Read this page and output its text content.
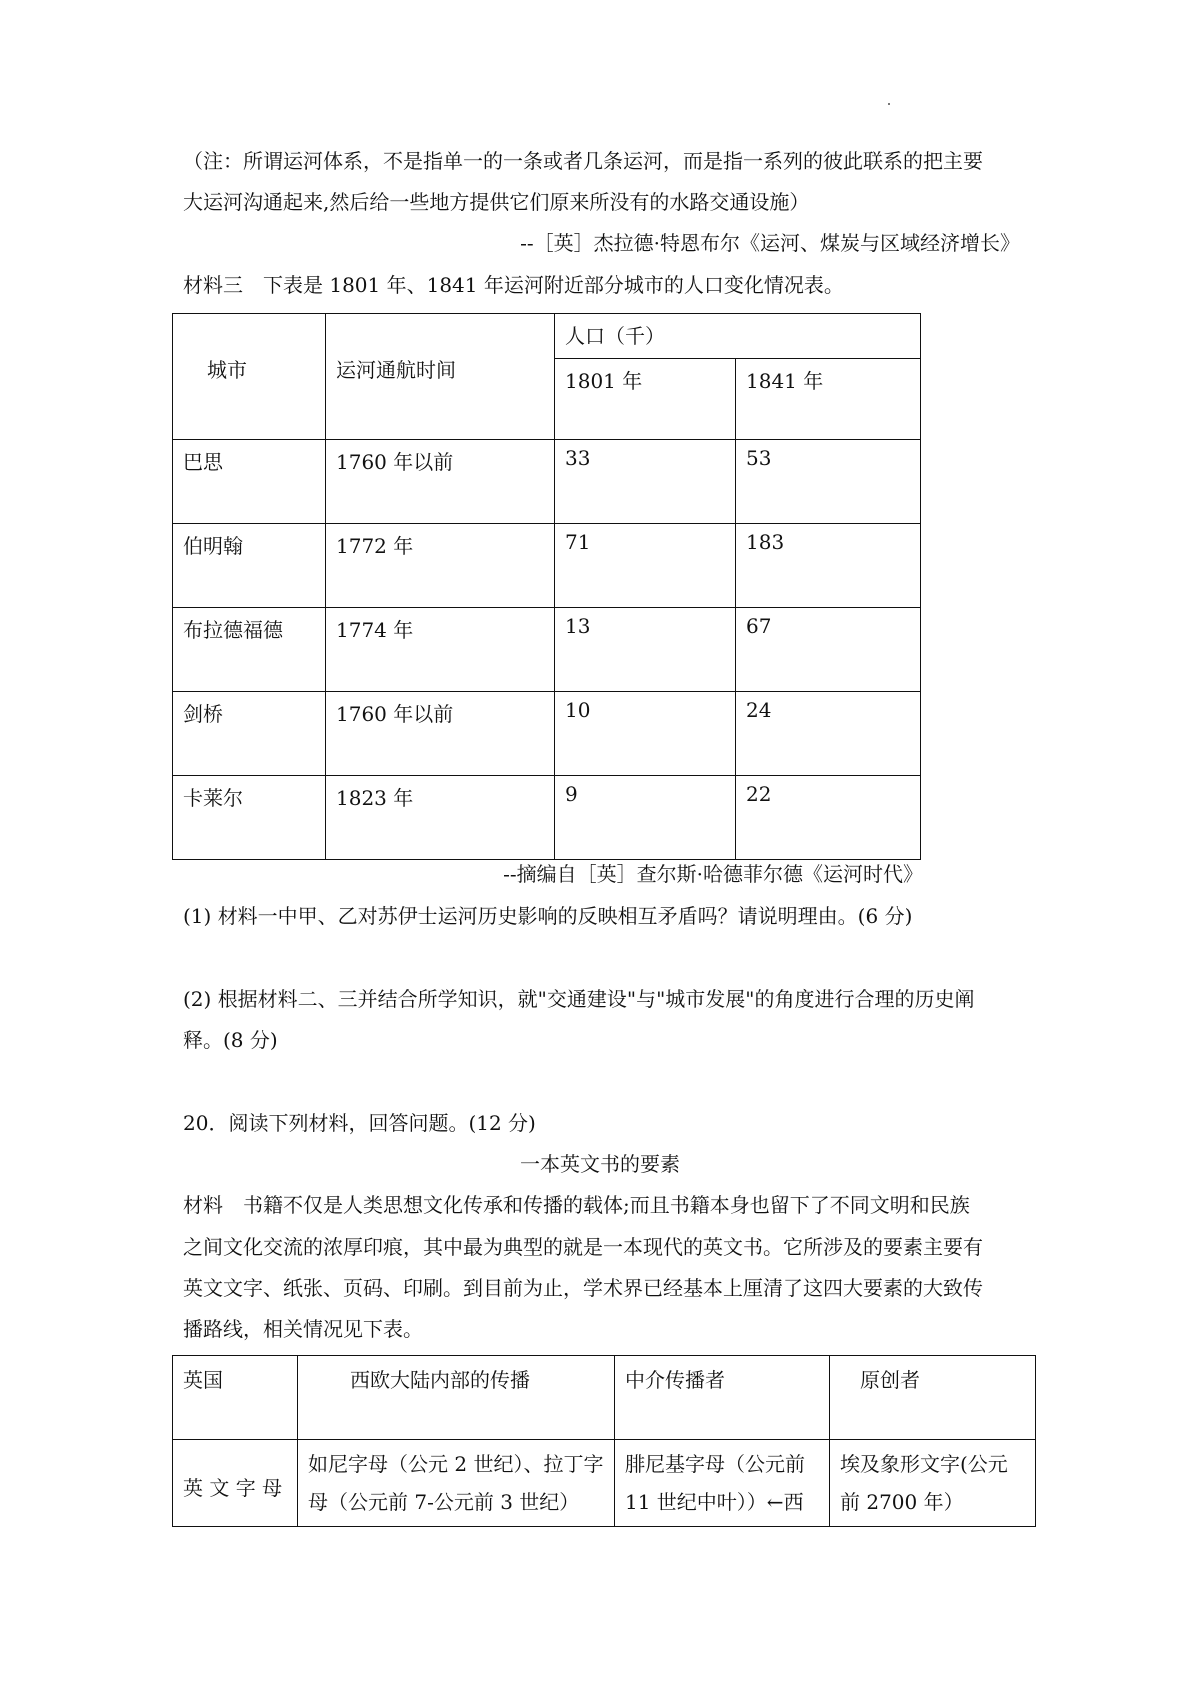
（注：所谓运河体系，不是指单一的一条或者几条运河，而是指一系列的彼此联系的把主要
大运河沟通起来,然后给一些地方提供它们原来所没有的水路交通设施）
--［英］杰拉德·特恩布尔《运河、煤炭与区域经济增长》
材料三　下表是 1801 年、1841 年运河附近部分城市的人口变化情况表。
城市	运河通航时间	人口（千）	
		1801 年	1841 年
巴思	1760 年以前	33	53
伯明翰	1772 年	71	183
布拉德福德	1774 年	13	67
剑桥	1760 年以前	10	24
卡莱尔	1823 年	9	22
--摘编自［英］查尔斯·哈德菲尔德《运河时代》
(1) 材料一中甲、乙对苏伊士运河历史影响的反映相互矛盾吗？请说明理由。(6 分)
(2) 根据材料二、三并结合所学知识，就"交通建设"与"城市发展"的角度进行合理的历史阐
释。(8 分)
20．阅读下列材料，回答问题。(12 分)
一本英文书的要素
材料　书籍不仅是人类思想文化传承和传播的载体;而且书籍本身也留下了不同文明和民族
之间文化交流的浓厚印痕，其中最为典型的就是一本现代的英文书。它所涉及的要素主要有
英文文字、纸张、页码、印刷。到目前为止，学术界已经基本上厘清了这四大要素的大致传
播路线，相关情况见下表。
英国	西欧大陆内部的传播	中介传播者	原创者
英 文 字 母	如尼字母（公元 2 世纪）、拉丁字母（公元前 7-公元前 3 世纪）	腓尼基字母（公元前 11 世纪中叶））←西	埃及象形文字(公元前 2700 年）
